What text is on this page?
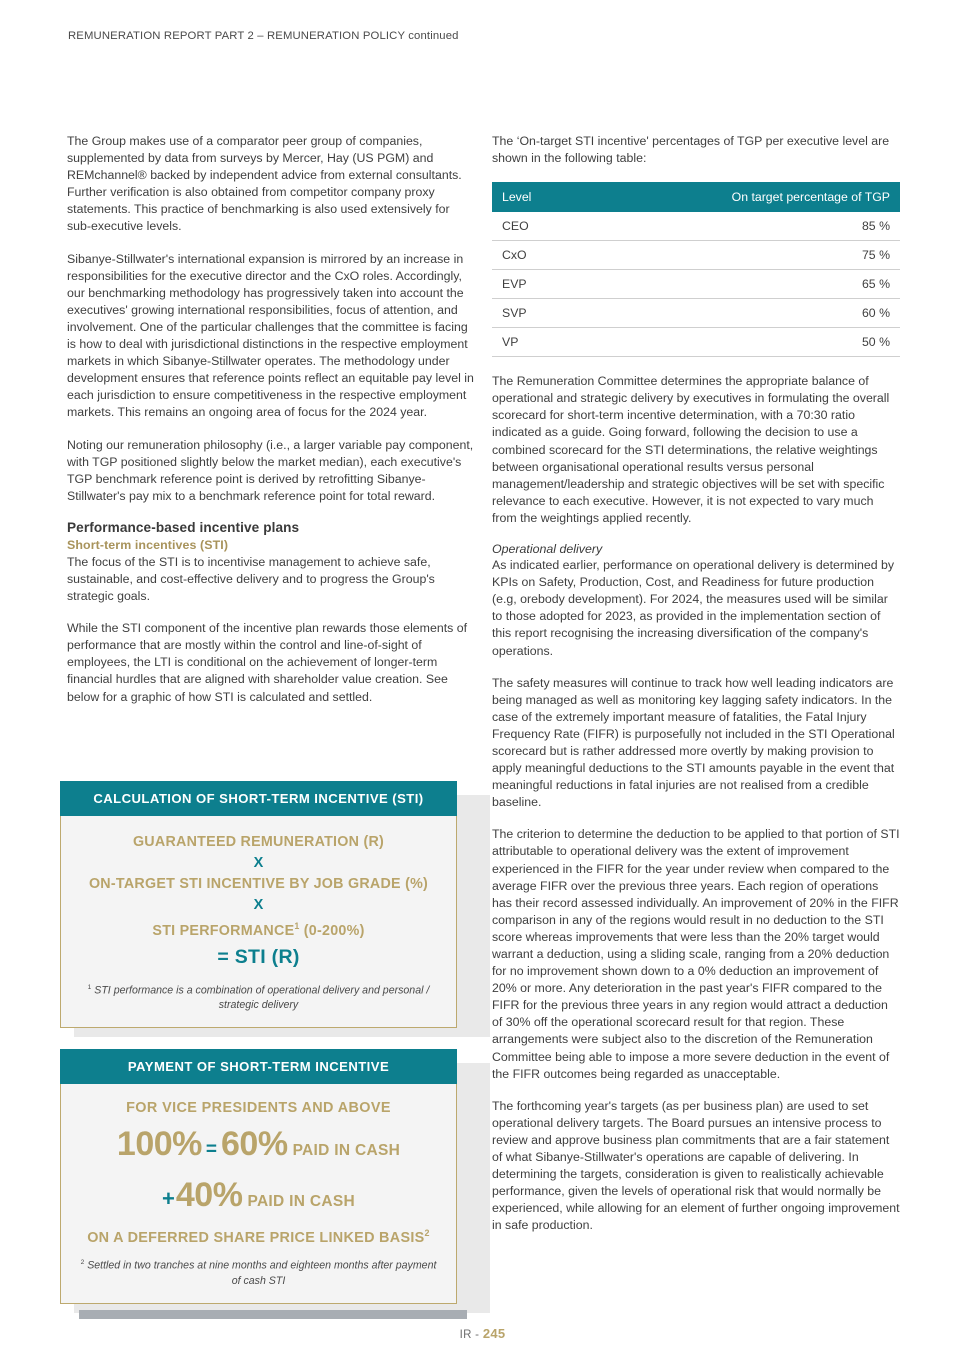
REMUNERATION REPORT PART 2 – REMUNERATION POLICY continued

The Group makes use of a comparator peer group of companies, supplemented by data from surveys by Mercer, Hay (US PGM) and REMchannel® backed by independent advice from external consultants. Further verification is also obtained from competitor company proxy statements. This practice of benchmarking is also used extensively for sub-executive levels.

Sibanye-Stillwater's international expansion is mirrored by an increase in responsibilities for the executive director and the CxO roles. Accordingly, our benchmarking methodology has progressively taken into account the executives' growing international responsibilities, focus of attention, and involvement. One of the particular challenges that the committee is facing is how to deal with jurisdictional distinctions in the respective employment markets in which Sibanye-Stillwater operates. The methodology under development ensures that reference points reflect an equitable pay level in each jurisdiction to ensure competitiveness in the respective employment markets. This remains an ongoing area of focus for the 2024 year.

Noting our remuneration philosophy (i.e., a larger variable pay component, with TGP positioned slightly below the market median), each executive's TGP benchmark reference point is derived by retrofitting Sibanye-Stillwater's pay mix to a benchmark reference point for total reward.

Performance-based incentive plans
Short-term incentives (STI)

The focus of the STI is to incentivise management to achieve safe, sustainable, and cost-effective delivery and to progress the Group's strategic goals.

While the STI component of the incentive plan rewards those elements of performance that are mostly within the control and line-of-sight of employees, the LTI is conditional on the achievement of longer-term financial hurdles that are aligned with shareholder value creation. See below for a graphic of how STI is calculated and settled.

CALCULATION OF SHORT-TERM INCENTIVE (STI)
GUARANTEED REMUNERATION (R)
X
ON-TARGET STI INCENTIVE BY JOB GRADE (%)
X
STI PERFORMANCE$^1$ (0-200%)
= STI (R)
$^1$ STI performance is a combination of operational delivery and personal / strategic delivery
PAYMENT OF SHORT-TERM INCENTIVE
FOR VICE PRESIDENTS AND ABOVE
100% = 60% PAID IN CASH
+40% PAID IN CASH
ON A DEFERRED SHARE PRICE LINKED BASIS$^2$
$^2$ Settled in two tranches at nine months and eighteen months after payment of cash STI

The ‘On-target STI incentive' percentages of TGP per executive level are shown in the following table:

Level	On target percentage of TGP
CEO	85 %
CxO	75 %
EVP	65 %
SVP	60 %
VP	50 %

The Remuneration Committee determines the appropriate balance of operational and strategic delivery by executives in formulating the overall scorecard for short-term incentive determination, with a 70:30 ratio indicated as a guide. Going forward, following the decision to use a combined scorecard for the STI determinations, the relative weightings between organisational operational results versus personal management/leadership and strategic objectives will be set with specific relevance to each executive. However, it is not expected to vary much from the weightings applied recently.

Operational delivery

As indicated earlier, performance on operational delivery is determined by KPIs on Safety, Production, Cost, and Readiness for future production (e.g, orebody development). For 2024, the measures used will be similar to those adopted for 2023, as provided in the implementation section of this report recognising the increasing diversification of the company's operations.

The safety measures will continue to track how well leading indicators are being managed as well as monitoring key lagging safety indicators. In the case of the extremely important measure of fatalities, the Fatal Injury Frequency Rate (FIFR) is purposefully not included in the STI Operational scorecard but is rather addressed more overtly by making provision to apply meaningful deductions to the STI amounts payable in the event that meaningful reductions in fatal injuries are not realised from a credible baseline.

The criterion to determine the deduction to be applied to that portion of STI attributable to operational delivery was the extent of improvement experienced in the FIFR for the year under review when compared to the average FIFR over the previous three years. Each region of operations has their record assessed individually. An improvement of 20% in the FIFR comparison in any of the regions would result in no deduction to the STI score whereas improvements that were less than the 20% target would warrant a deduction, using a sliding scale, ranging from a 20% deduction for no improvement shown down to a 0% deduction an improvement of 20% or more. Any deterioration in the past year's FIFR compared to the FIFR for the previous three years in any region would attract a deduction of 30% off the operational scorecard result for that region. These arrangements were subject also to the discretion of the Remuneration Committee being able to impose a more severe deduction in the event of the FIFR outcomes being regarded as unacceptable.

The forthcoming year's targets (as per business plan) are used to set operational delivery targets. The Board pursues an intensive process to review and approve business plan commitments that are a fair statement of what Sibanye-Stillwater's operations are capable of delivering. In determining the targets, consideration is given to realistically achievable performance, given the levels of operational risk that would normally be experienced, while allowing for an element of further ongoing improvement in safe production.

IR - 245
